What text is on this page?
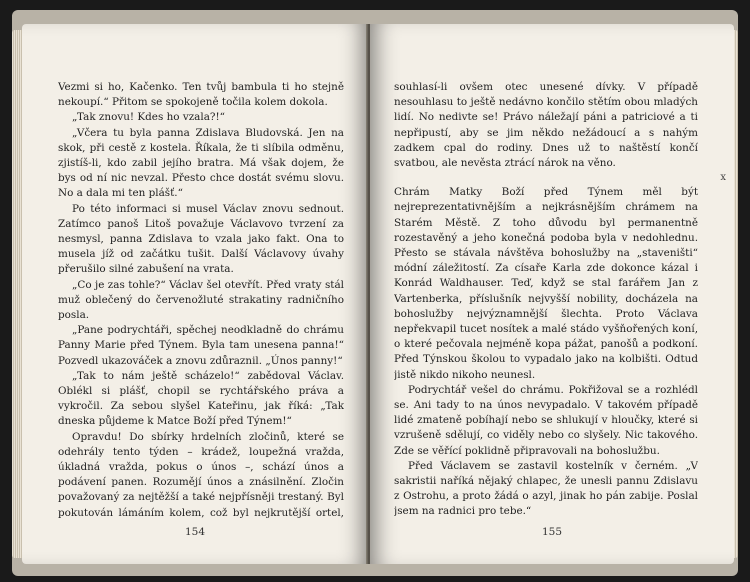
Vezmi si ho, Kačenko. Ten tvůj bambula ti ho stejně nekoupí.“ Přitom se spokojeně točila kolem dokola.

„Tak znovu! Kdes ho vzala?!“

„Včera tu byla panna Zdislava Bludovská. Jen na skok, při cestě z kostela. Říkala, že ti slíbila odměnu, zjistíš-li, kdo zabil jejího bratra. Má však dojem, že bys od ní nic nevzal. Přesto chce dostát svému slovu. No a dala mi ten plášť.“

Po této informaci si musel Václav znovu sednout. Zatímco panoš Litoš považuje Václavovo tvrzení za nesmysl, panna Zdislava to vzala jako fakt. Ona to musela jíž od začátku tušit. Další Václavovy úvahy přerušilo silné zabušení na vrata.

„Co je zas tohle?“ Václav šel otevřít. Před vraty stál muž oblečený do červenožluté strakatiny radničního posla.

„Pane podrychtáři, spěchej neodkladně do chrámu Panny Marie před Týnem. Byla tam unesena panna!“ Pozvedl ukazováček a znovu zdůraznil. „Únos panny!“

„Tak to nám ještě scházelo!“ zabědoval Václav. Oblékl si plášť, chopil se rychtářského práva a vykročil. Za sebou slyšel Kateřinu, jak říká: „Tak dneska půjdeme k Matce Boží před Týnem!“

Opravdu! Do sbírky hrdelních zločinů, které se odehrály tento týden – krádež, loupežná vražda, úkladná vražda, pokus o únos –, schází únos a podávení panen. Rozumějí únos a znásilnění. Zločin považovaný za nejtěžší a také nejpřísněji trestaný. Byl pokutován lámáním kolem, což byl nejkrutější ortel,

154

souhlasí-li ovšem otec unesené dívky. V případě nesouhlasu to ještě nedávno končilo stětím obou mladých lidí. No nedivte se! Právo náležají páni a patriciové a ti nepřipustí, aby se jim někdo nežádoucí a s nahým zadkem cpal do rodiny. Dnes už to naštěstí končí svatbou, ale nevěsta ztrácí nárok na věno.

Chrám Matky Boží před Týnem měl být nejreprezentativnějším a nejkrásnějším chrámem na Starém Městě. Z toho důvodu byl permanentně rozestavěný a jeho konečná podoba byla v nedohlednu. Přesto se stávala návštěva bohoslužby na „staveništi“ módní záležitostí. Za císaře Karla zde dokonce kázal i Konrád Waldhauser. Teď, když se stal farářem Jan z Vartenberka, příslušník nejvyšší nobility, docházela na bohoslužby nejvýznamnější šlechta. Proto Václava nepřekvapil tucet nosítek a malé stádo vyšňořených koní, o které pečovala nejméně kopa pážat, panošů a podkoní. Před Týnskou školou to vypadalo jako na kolbišti. Odtud jistě nikdo nikoho neunesl.

Podrychtář vešel do chrámu. Pokřižoval se a rozhlédl se. Ani tady to na únos nevypadalo. V takovém případě lidé zmateně pobíhají nebo se shlukují v hloučky, které si vzrušeně sdělují, co viděly nebo co slyšely. Nic takového. Zde se věřící poklidně připravovali na bohoslužbu.

Před Václavem se zastavil kostelník v černém. „V sakristii naříká nějaký chlapec, že unesli pannu Zdislavu z Ostrohu, a proto žádá o azyl, jinak ho pán zabije. Poslal jsem na radnici pro tebe.“

155
x
